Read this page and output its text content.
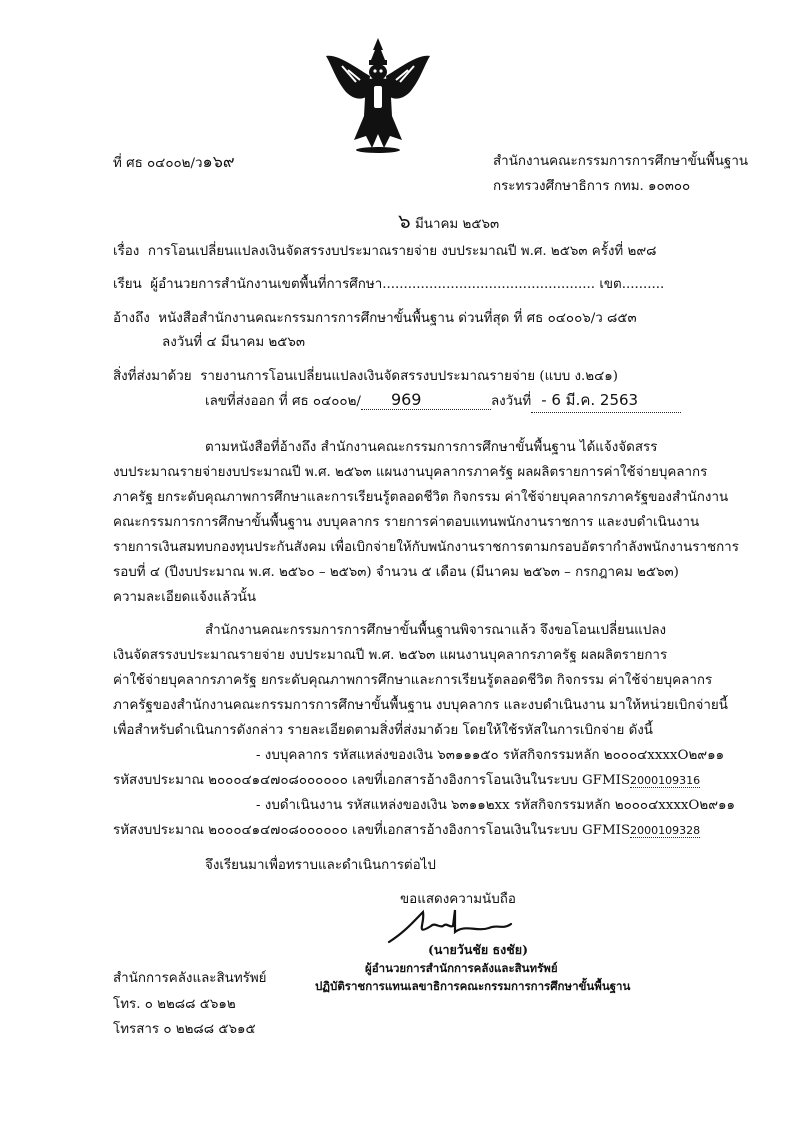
ที่ ศธ ๐๔๐๐๒/ว๑๖๙	สำนักงานคณะกรรมการการศึกษาขั้นพื้นฐาน
กระทรวงศึกษาธิการ กทม. ๑๐๓๐๐
๖ มีนาคม ๒๕๖๓
เรื่อง การโอนเปลี่ยนแปลงเงินจัดสรรงบประมาณรายจ่าย งบประมาณปี พ.ศ. ๒๕๖๓ ครั้งที่ ๒๙๘
เรียน ผู้อำนวยการสำนักงานเขตพื้นที่การศึกษา.................................................. เขต..........
อ้างถึง หนังสือสำนักงานคณะกรรมการการศึกษาขั้นพื้นฐาน ด่วนที่สุด ที่ ศธ ๐๔๐๐๖/ว ๘๕๓
ลงวันที่ ๔ มีนาคม ๒๕๖๓
สิ่งที่ส่งมาด้วย รายงานการโอนเปลี่ยนแปลงเงินจัดสรรงบประมาณรายจ่าย (แบบ ง.๒๔๑)
เลขที่ส่งออก ที่ ศธ ๐๔๐๐๒/ 969	ลงวันที่ - 6 มี.ค. 2563
ตามหนังสือที่อ้างถึง สำนักงานคณะกรรมการการศึกษาขั้นพื้นฐาน ได้แจ้งจัดสรร
งบประมาณรายจ่ายงบประมาณปี พ.ศ. ๒๕๖๓ แผนงานบุคลากรภาครัฐ ผลผลิตรายการค่าใช้จ่ายบุคลากร
ภาครัฐ ยกระดับคุณภาพการศึกษาและการเรียนรู้ตลอดชีวิต กิจกรรม ค่าใช้จ่ายบุคลากรภาครัฐของสำนักงาน
คณะกรรมการการศึกษาขั้นพื้นฐาน งบบุคลากร รายการค่าตอบแทนพนักงานราชการ และงบดำเนินงาน
รายการเงินสมทบกองทุนประกันสังคม เพื่อเบิกจ่ายให้กับพนักงานราชการตามกรอบอัตรากำลังพนักงานราชการ
รอบที่ ๔ (ปีงบประมาณ พ.ศ. ๒๕๖๐ – ๒๕๖๓) จำนวน ๕ เดือน (มีนาคม ๒๕๖๓ – กรกฎาคม ๒๕๖๓)
ความละเอียดแจ้งแล้วนั้น
สำนักงานคณะกรรมการการศึกษาขั้นพื้นฐานพิจารณาแล้ว จึงขอโอนเปลี่ยนแปลง
เงินจัดสรรงบประมาณรายจ่าย งบประมาณปี พ.ศ. ๒๕๖๓ แผนงานบุคลากรภาครัฐ ผลผลิตรายการ
ค่าใช้จ่ายบุคลากรภาครัฐ ยกระดับคุณภาพการศึกษาและการเรียนรู้ตลอดชีวิต กิจกรรม ค่าใช้จ่ายบุคลากร
ภาครัฐของสำนักงานคณะกรรมการการศึกษาขั้นพื้นฐาน งบบุคลากร และงบดำเนินงาน มาให้หน่วยเบิกจ่ายนี้
เพื่อสำหรับดำเนินการดังกล่าว รายละเอียดตามสิ่งที่ส่งมาด้วย โดยให้ใช้รหัสในการเบิกจ่าย ดังนี้
- งบบุคลากร รหัสแหล่งของเงิน ๖๓๑๑๑๕๐ รหัสกิจกรรมหลัก ๒๐๐๐๔xxxxO๒๙๑๑
รหัสงบประมาณ ๒๐๐๐๔๑๔๗๐๘๐๐๐๐๐๐ เลขที่เอกสารอ้างอิงการโอนเงินในระบบ GFMIS2000109316
- งบดำเนินงาน รหัสแหล่งของเงิน ๖๓๑๑๒xx รหัสกิจกรรมหลัก ๒๐๐๐๔xxxxO๒๙๑๑
รหัสงบประมาณ ๒๐๐๐๔๑๔๗๐๘๐๐๐๐๐๐ เลขที่เอกสารอ้างอิงการโอนเงินในระบบ GFMIS2000109328
จึงเรียนมาเพื่อทราบและดำเนินการต่อไป
ขอแสดงความนับถือ
(นายวันชัย ธงชัย)
ผู้อำนวยการสำนักการคลังและสินทรัพย์
ปฏิบัติราชการแทนเลขาธิการคณะกรรมการการศึกษาขั้นพื้นฐาน
สำนักการคลังและสินทรัพย์
โทร. ๐ ๒๒๘๘ ๕๖๑๒
โทรสาร ๐ ๒๒๘๘ ๕๖๑๕
